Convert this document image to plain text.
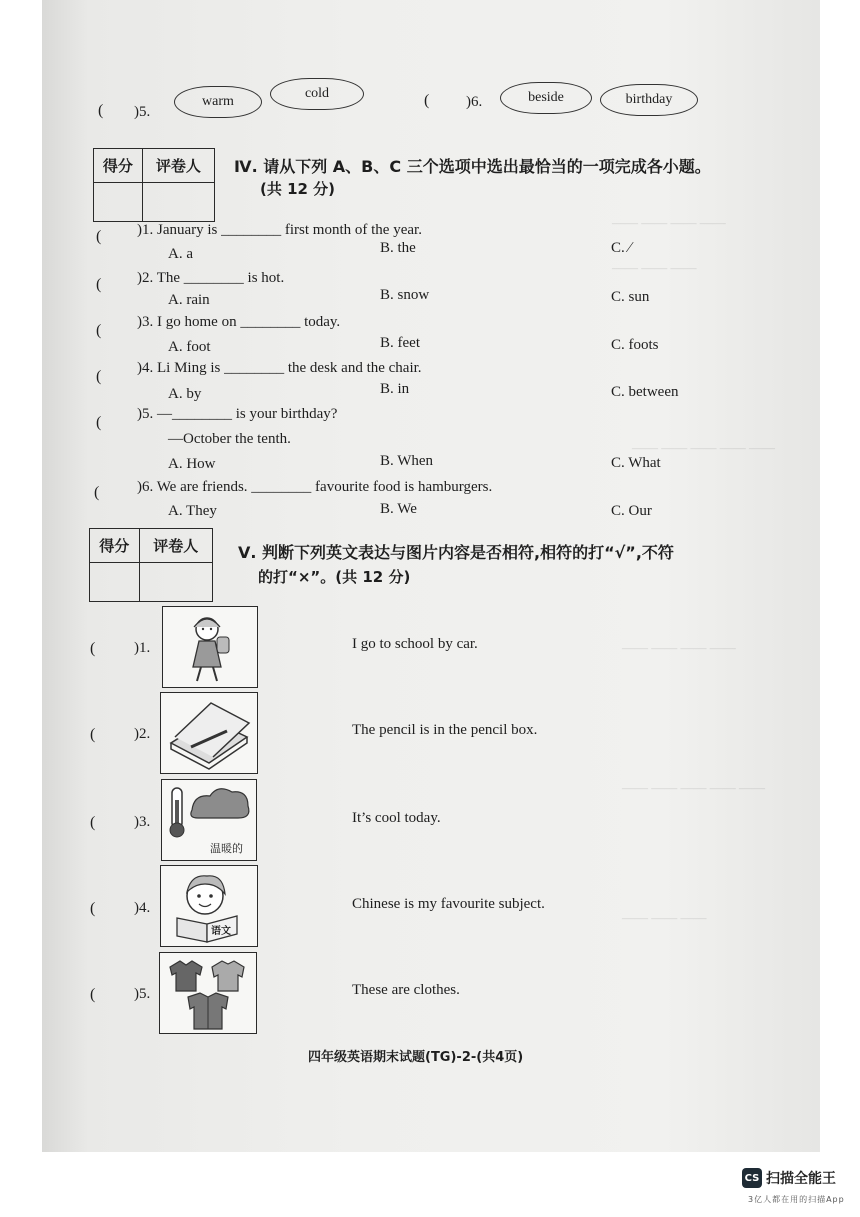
—— —— —— ——
—— —— ——
—— —— —— —— ——
—— —— —— ——
—— —— —— —— ——
—— —— ——
( )5.
warm
cold	( )6.	beside	birthday
得分	评卷人
	Ⅳ. 请从下列 A、B、C 三个选项中选出最恰当的一项完成各小题。
(共 12 分)
( )1. January is ________ first month of the year.
A. a	B. the	C. ∕
( )2. The ________ is hot.
A. rain	B. snow	C. sun
( )3. I go home on ________ today.
A. foot	B. feet	C. foots
( )4. Li Ming is ________ the desk and the chair.
A. by	B. in	C. between
( )5. —________ is your birthday?
—October the tenth.
A. How	B. When	C. What
(	)6. We are friends. ________ favourite food is hamburgers.
A. They	B. We	C. Our
得分	评卷人
	Ⅴ. 判断下列英文表达与图片内容是否相符,相符的打“√”,不符
的打“×”。(共 12 分)
(	)1.	I go to school by car.
(	)2.	The pencil is in the pencil box.
(	)3.
温暖的
It’s cool today.
(	)4.
语文
Chinese is my favourite subject.
(	)5.	These are clothes.
四年级英语期末试题(TG)-2-(共4页)
CS 扫描全能王
3亿人都在用的扫描App
